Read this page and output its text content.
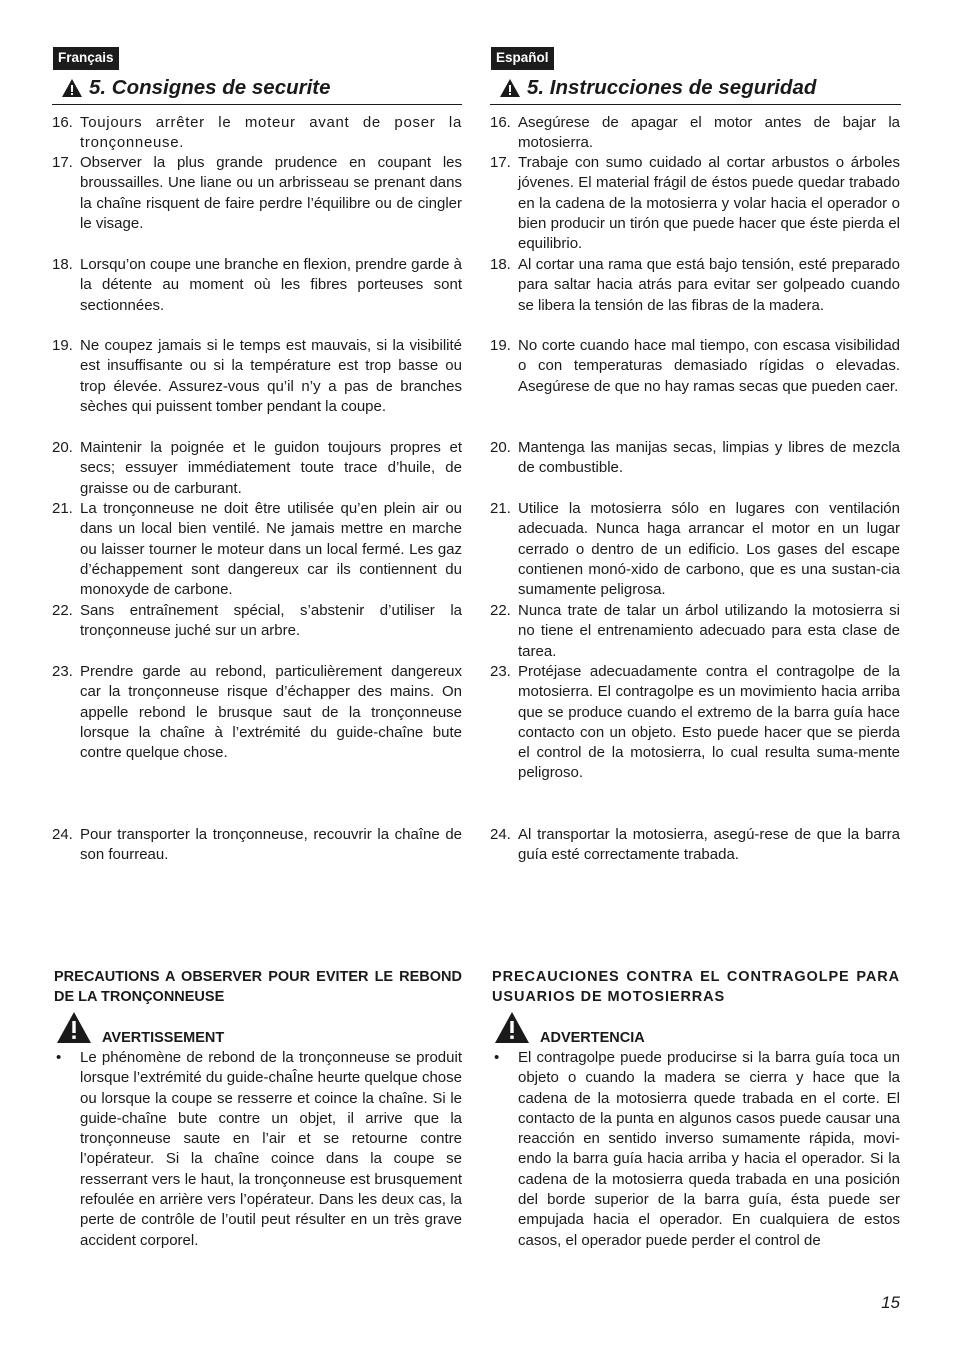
Français
5. Consignes de securite
16. Toujours arrêter le moteur avant de poser la tronçonneuse.
17. Observer la plus grande prudence en coupant les broussailles. Une liane ou un arbrisseau se prenant dans la chaîne risquent de faire perdre l’équilibre ou de cingler le visage.
18. Lorsqu’on coupe une branche en flexion, prendre garde à la détente au moment où les fibres porteuses sont sectionnées.
19. Ne coupez jamais si le temps est mauvais, si la visibilité est insuffisante ou si la température est trop basse ou trop élevée. Assurez-vous qu’il n’y a pas de branches sèches qui puissent tomber pendant la coupe.
20. Maintenir la poignée et le guidon toujours propres et secs; essuyer immédiatement toute trace d’huile, de graisse ou de carburant.
21. La tronçonneuse ne doit être utilisée qu’en plein air ou dans un local bien ventilé. Ne jamais mettre en marche ou laisser tourner le moteur dans un local fermé. Les gaz d’échappement sont dangereux car ils contiennent du monoxyde de carbone.
22. Sans entraînement spécial, s’abstenir d’utiliser la tronçonneuse juché sur un arbre.
23. Prendre garde au rebond, particulièrement dangereux car la tronçonneuse risque d’échapper des mains. On appelle rebond le brusque saut de la tronçonneuse lorsque la chaîne à l’extrémité du guide-chaîne bute contre quelque chose.
24. Pour transporter la tronçonneuse, recouvrir la chaîne de son fourreau.
PRECAUTIONS A OBSERVER POUR EVITER LE REBOND DE LA TRONÇONNEUSE
AVERTISSEMENT
• Le phénomène de rebond de la tronçonneuse se produit lorsque l’extrémité du guide-chaÎne heurte quelque chose ou lorsque la coupe se resserre et coince la chaîne. Si le guide-chaîne bute contre un objet, il arrive que la tronçonneuse saute en l’air et se retourne contre l’opérateur. Si la chaîne coince dans la coupe se resserrant vers le haut, la tronçonneuse est brusquement refoulée en arrière vers l’opérateur. Dans les deux cas, la perte de contrôle de l’outil peut résulter en un très grave accident corporel.
Español
5. Instrucciones de seguridad
16. Asegúrese de apagar el motor antes de bajar la motosierra.
17. Trabaje con sumo cuidado al cortar arbustos o árboles jóvenes. El material frágil de éstos puede quedar trabado en la cadena de la motosierra y volar hacia el operador o bien producir un tirón que puede hacer que éste pierda el equilibrio.
18. Al cortar una rama que está bajo tensión, esté preparado para saltar hacia atrás para evitar ser golpeado cuando se libera la tensión de las fibras de la madera.
19. No corte cuando hace mal tiempo, con escasa visibilidad o con temperaturas demasiado rígidas o elevadas. Asegúrese de que no hay ramas secas que pueden caer.
20. Mantenga las manijas secas, limpias y libres de mezcla de combustible.
21. Utilice la motosierra sólo en lugares con ventilación adecuada. Nunca haga arrancar el motor en un lugar cerrado o dentro de un edificio. Los gases del escape contienen monó-xido de carbono, que es una sustan-cia sumamente peligrosa.
22. Nunca trate de talar un árbol utilizando la motosierra si no tiene el entrenamiento adecuado para esta clase de tarea.
23. Protéjase adecuadamente contra el contragolpe de la motosierra. El contragolpe es un movimiento hacia arriba que se produce cuando el extremo de la barra guía hace contacto con un objeto. Esto puede hacer que se pierda el control de la motosierra, lo cual resulta suma-mente peligroso.
24. Al transportar la motosierra, asegú-rese de que la barra guía esté correctamente trabada.
PRECAUCIONES CONTRA EL CONTRAGOLPE PARA USUARIOS DE MOTOSIERRAS
ADVERTENCIA
• El contragolpe puede producirse si la barra guía toca un objeto o cuando la madera se cierra y hace que la cadena de la motosierra quede trabada en el corte. El contacto de la punta en algunos casos puede causar una reacción en sentido inverso sumamente rápida, movi-endo la barra guía hacia arriba y hacia el operador. Si la cadena de la motosierra queda trabada en una posición del borde superior de la barra guía, ésta puede ser empujada hacia el operador. En cualquiera de estos casos, el operador puede perder el control de
15
